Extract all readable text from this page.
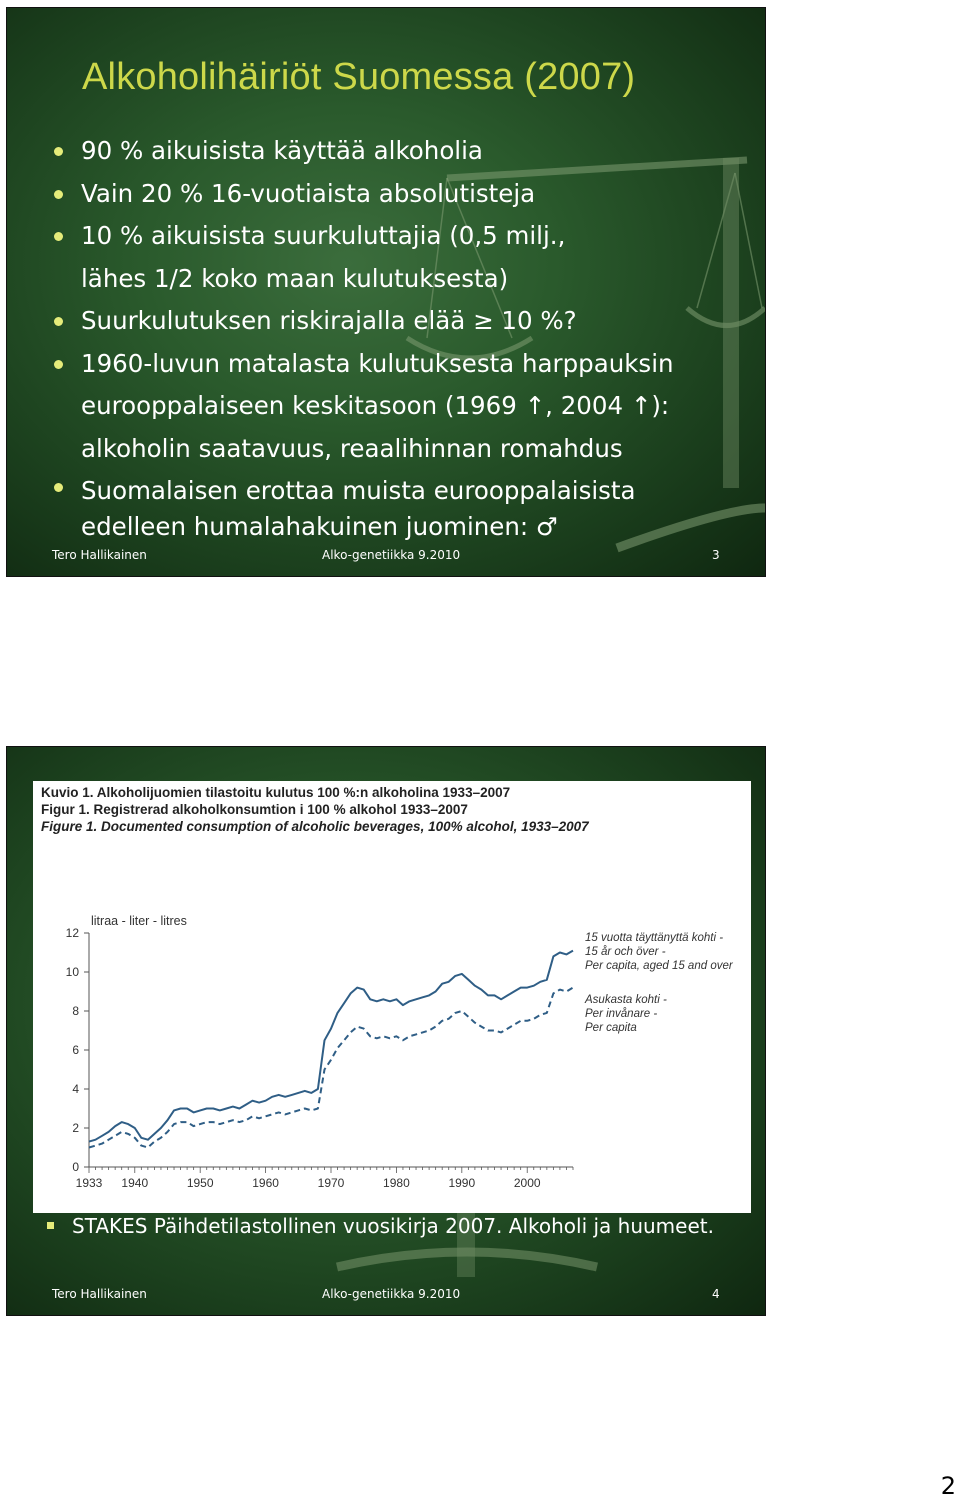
Alkoholihäiriöt Suomessa (2007)
90 % aikuisista käyttää alkoholia
Vain 20 % 16-vuotiaista absolutisteja
10 % aikuisista suurkuluttajia (0,5 milj.,
lähes 1/2 koko maan kulutuksesta)
Suurkulutuksen riskirajalla elää ≥ 10 %?
1960-luvun matalasta kulutuksesta harppauksin
eurooppalaiseen keskitasoon (1969 ↑, 2004 ↑):
alkoholin saatavuus, reaalihinnan romahdus
Suomalaisen erottaa muista eurooppalaisista
edelleen humalahakuinen juominen: ♂
Tero Hallikainen	Alko-genetiikka 9.2010	3
Kuvio 1. Alkoholijuomien tilastoitu kulutus 100 %:n alkoholina 1933–2007
Figur 1. Registrerad alkoholkonsumtion i 100 % alkohol 1933–2007
Figure 1. Documented consumption of alcoholic beverages, 100% alcohol, 1933–2007
litraa - liter - litres
0
2
4
6
8
10
12
1933 1940	1950	1960	1970	1980	1990	2000
15 vuotta täyttänyttä kohti -
15 år och över -
Per capita, aged 15 and over
Asukasta kohti -
Per invånare -
Per capita
STAKES Päihdetilastollinen vuosikirja 2007. Alkoholi ja huumeet.
Tero Hallikainen	Alko-genetiikka 9.2010	4
2
